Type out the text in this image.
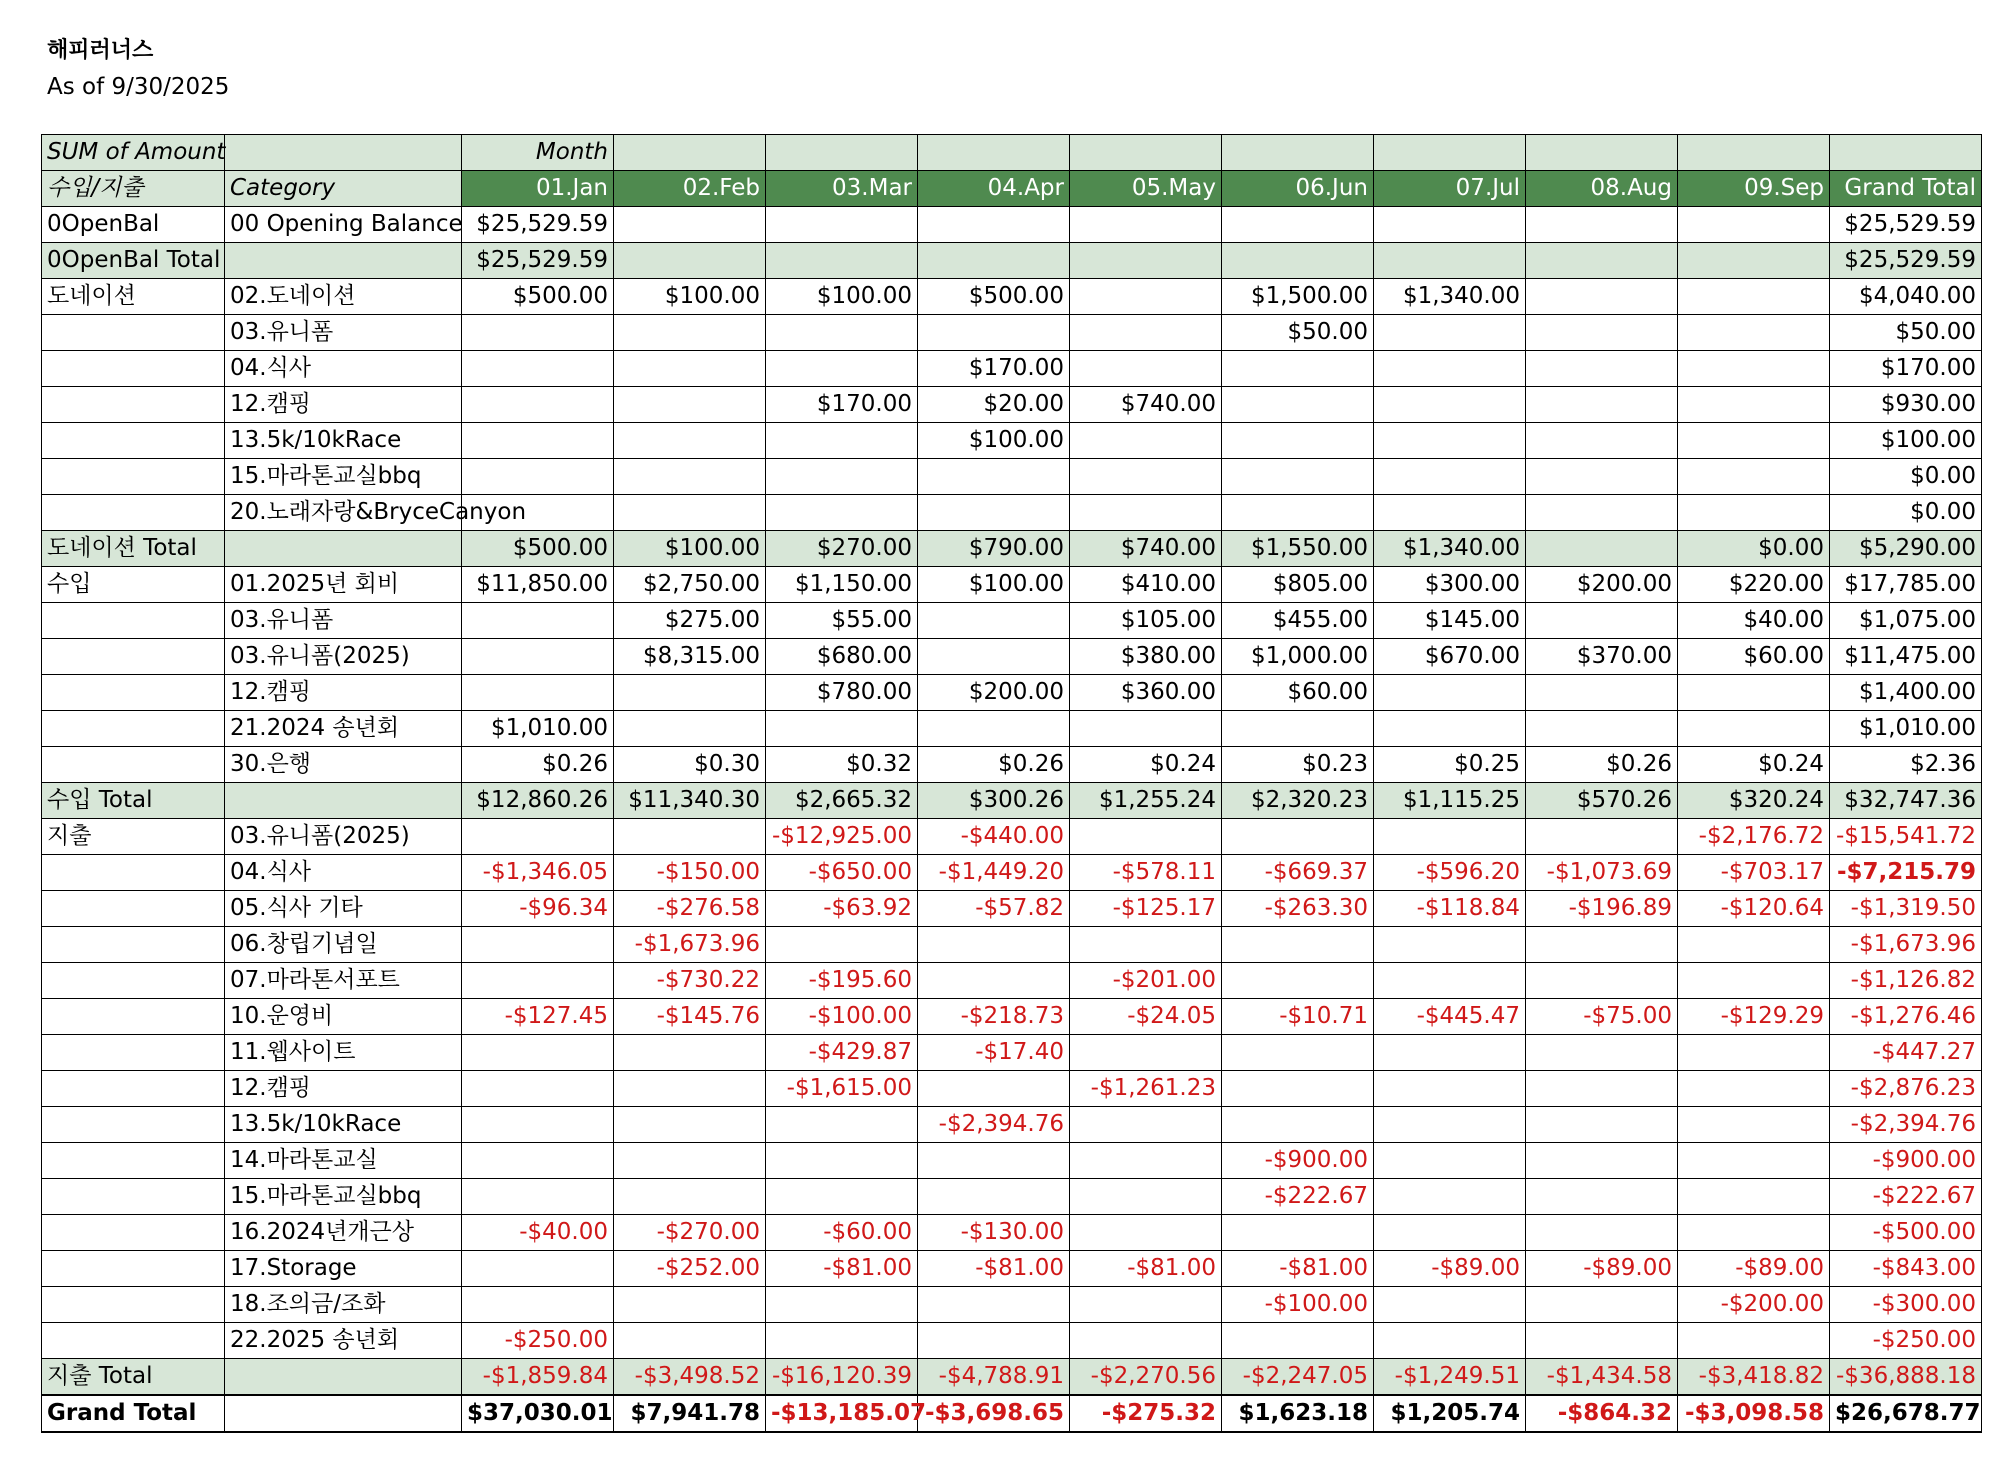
해피러너스
As of 9/30/2025
SUM of Amount		Month									
수입/지출	Category	01.Jan	02.Feb	03.Mar	04.Apr	05.May	06.Jun	07.Jul	08.Aug	09.Sep	Grand Total
0OpenBal	00 Opening Balance	$25,529.59									$25,529.59
0OpenBal Total		$25,529.59									$25,529.59
도네이션	02.도네이션	$500.00	$100.00	$100.00	$500.00		$1,500.00	$1,340.00			$4,040.00
	03.유니폼						$50.00				$50.00
	04.식사				$170.00						$170.00
	12.캠핑			$170.00	$20.00	$740.00					$930.00
	13.5k/10kRace				$100.00						$100.00
	15.마라톤교실bbq										$0.00
	20.노래자랑&BryceCanyon										$0.00
도네이션 Total		$500.00	$100.00	$270.00	$790.00	$740.00	$1,550.00	$1,340.00		$0.00	$5,290.00
수입	01.2025년 회비	$11,850.00	$2,750.00	$1,150.00	$100.00	$410.00	$805.00	$300.00	$200.00	$220.00	$17,785.00
	03.유니폼		$275.00	$55.00		$105.00	$455.00	$145.00		$40.00	$1,075.00
	03.유니폼(2025)		$8,315.00	$680.00		$380.00	$1,000.00	$670.00	$370.00	$60.00	$11,475.00
	12.캠핑			$780.00	$200.00	$360.00	$60.00				$1,400.00
	21.2024 송년회	$1,010.00									$1,010.00
	30.은행	$0.26	$0.30	$0.32	$0.26	$0.24	$0.23	$0.25	$0.26	$0.24	$2.36
수입 Total		$12,860.26	$11,340.30	$2,665.32	$300.26	$1,255.24	$2,320.23	$1,115.25	$570.26	$320.24	$32,747.36
지출	03.유니폼(2025)			-$12,925.00	-$440.00					-$2,176.72	-$15,541.72
	04.식사	-$1,346.05	-$150.00	-$650.00	-$1,449.20	-$578.11	-$669.37	-$596.20	-$1,073.69	-$703.17	-$7,215.79
	05.식사 기타	-$96.34	-$276.58	-$63.92	-$57.82	-$125.17	-$263.30	-$118.84	-$196.89	-$120.64	-$1,319.50
	06.창립기념일		-$1,673.96								-$1,673.96
	07.마라톤서포트		-$730.22	-$195.60		-$201.00					-$1,126.82
	10.운영비	-$127.45	-$145.76	-$100.00	-$218.73	-$24.05	-$10.71	-$445.47	-$75.00	-$129.29	-$1,276.46
	11.웹사이트			-$429.87	-$17.40						-$447.27
	12.캠핑			-$1,615.00		-$1,261.23					-$2,876.23
	13.5k/10kRace				-$2,394.76						-$2,394.76
	14.마라톤교실						-$900.00				-$900.00
	15.마라톤교실bbq						-$222.67				-$222.67
	16.2024년개근상	-$40.00	-$270.00	-$60.00	-$130.00						-$500.00
	17.Storage		-$252.00	-$81.00	-$81.00	-$81.00	-$81.00	-$89.00	-$89.00	-$89.00	-$843.00
	18.조의금/조화						-$100.00			-$200.00	-$300.00
	22.2025 송년회	-$250.00									-$250.00
지출 Total		-$1,859.84	-$3,498.52	-$16,120.39	-$4,788.91	-$2,270.56	-$2,247.05	-$1,249.51	-$1,434.58	-$3,418.82	-$36,888.18
Grand Total		$37,030.01	$7,941.78	-$13,185.07	-$3,698.65	-$275.32	$1,623.18	$1,205.74	-$864.32	-$3,098.58	$26,678.77
